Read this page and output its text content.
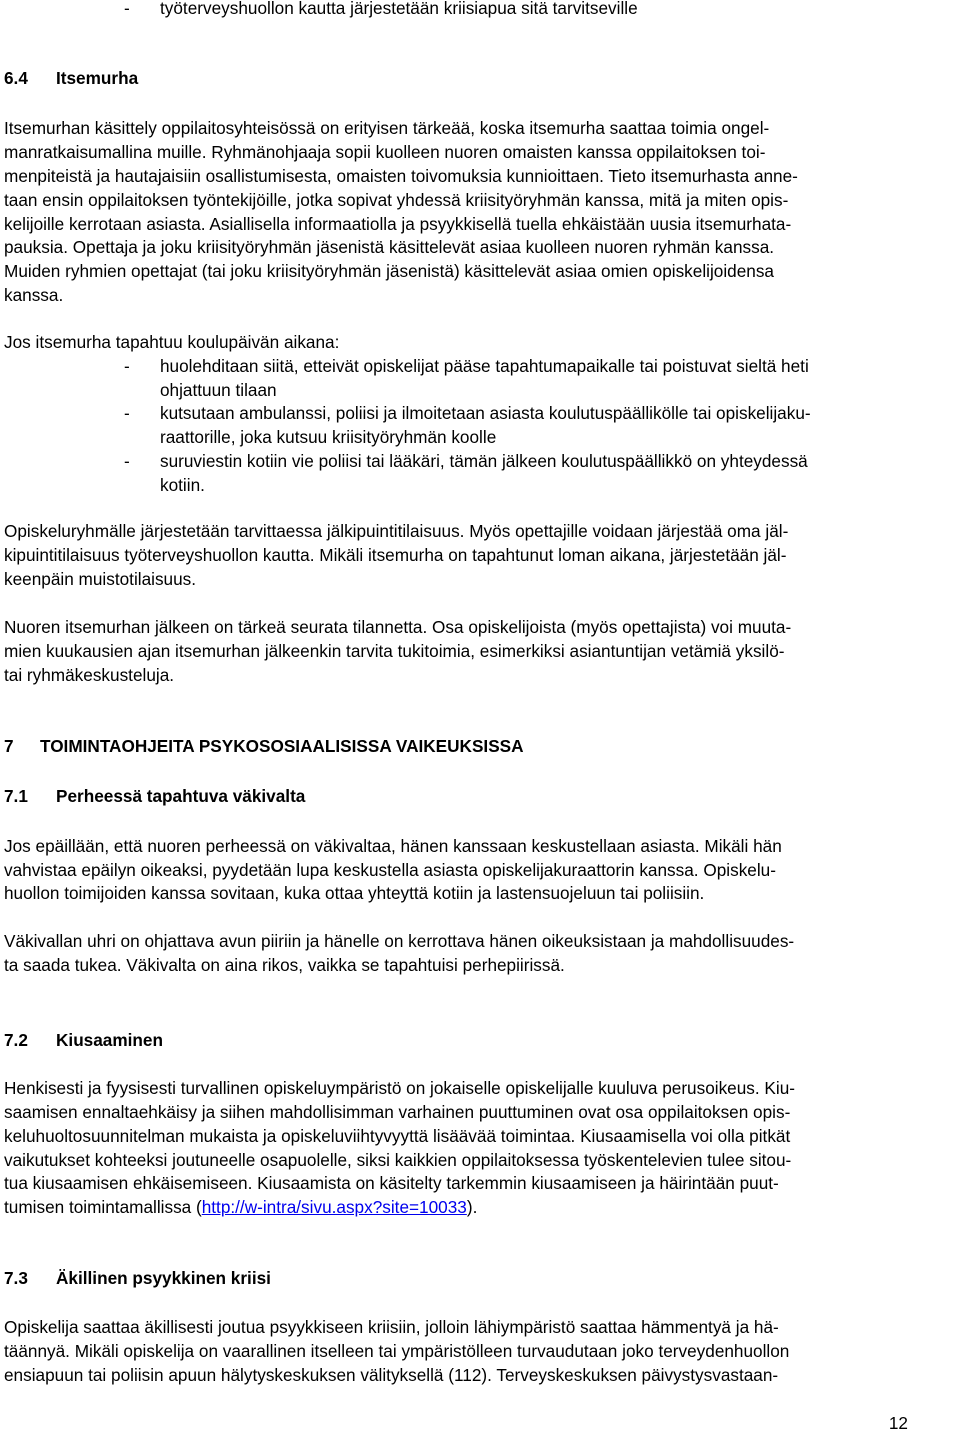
- työterveyshuollon kautta järjestetään kriisiapua sitä tarvitseville
6.4 Itsemurha
Itsemurhan käsittely oppilaitosyhteisössä on erityisen tärkeää, koska itsemurha saattaa toimia ongel-
manratkaisumallina muille. Ryhmänohjaaja sopii kuolleen nuoren omaisten kanssa oppilaitoksen toi-
menpiteistä ja hautajaisiin osallistumisesta, omaisten toivomuksia kunnioittaen. Tieto itsemurhasta anne-
taan ensin oppilaitoksen työntekijöille, jotka sopivat yhdessä kriisityöryhmän kanssa, mitä ja miten opis-
kelijoille kerrotaan asiasta. Asiallisella informaatiolla ja psyykkisellä tuella ehkäistään uusia itsemurhata-
pauksia. Opettaja ja joku kriisityöryhmän jäsenistä käsittelevät asiaa kuolleen nuoren ryhmän kanssa.
Muiden ryhmien opettajat (tai joku kriisityöryhmän jäsenistä) käsittelevät asiaa omien opiskelijoidensa
kanssa.
Jos itsemurha tapahtuu koulupäivän aikana:
- huolehditaan siitä, etteivät opiskelijat pääse tapahtumapaikalle tai poistuvat sieltä heti
ohjattuun tilaan
- kutsutaan ambulanssi, poliisi ja ilmoitetaan asiasta koulutuspäällikölle tai opiskelijaku-
raattorille, joka kutsuu kriisityöryhmän koolle
- suruviestin kotiin vie poliisi tai lääkäri, tämän jälkeen koulutuspäällikkö on yhteydessä
kotiin.
Opiskeluryhmälle järjestetään tarvittaessa jälkipuintitilaisuus. Myös opettajille voidaan järjestää oma jäl-
kipuintitilaisuus työterveyshuollon kautta. Mikäli itsemurha on tapahtunut loman aikana, järjestetään jäl-
keenpäin muistotilaisuus.
Nuoren itsemurhan jälkeen on tärkeä seurata tilannetta. Osa opiskelijoista (myös opettajista) voi muuta-
mien kuukausien ajan itsemurhan jälkeenkin tarvita tukitoimia, esimerkiksi asiantuntijan vetämiä yksilö-
tai ryhmäkeskusteluja.
7 TOIMINTAOHJEITA PSYKOSOSIAALISISSA VAIKEUKSISSA
7.1 Perheessä tapahtuva väkivalta
Jos epäillään, että nuoren perheessä on väkivaltaa, hänen kanssaan keskustellaan asiasta. Mikäli hän
vahvistaa epäilyn oikeaksi, pyydetään lupa keskustella asiasta opiskelijakuraattorin kanssa. Opiskelu-
huollon toimijoiden kanssa sovitaan, kuka ottaa yhteyttä kotiin ja lastensuojeluun tai poliisiin.
Väkivallan uhri on ohjattava avun piiriin ja hänelle on kerrottava hänen oikeuksistaan ja mahdollisuudes-
ta saada tukea. Väkivalta on aina rikos, vaikka se tapahtuisi perhepiirissä.
7.2 Kiusaaminen
Henkisesti ja fyysisesti turvallinen opiskeluympäristö on jokaiselle opiskelijalle kuuluva perusoikeus. Kiu-
saamisen ennaltaehkäisy ja siihen mahdollisimman varhainen puuttuminen ovat osa oppilaitoksen opis-
keluhuoltosuunnitelman mukaista ja opiskeluviihtyvyyttä lisäävää toimintaa. Kiusaamisella voi olla pitkät
vaikutukset kohteeksi joutuneelle osapuolelle, siksi kaikkien oppilaitoksessa työskentelevien tulee sitou-
tua kiusaamisen ehkäisemiseen. Kiusaamista on käsitelty tarkemmin kiusaamiseen ja häirintään puut-
tumisen toimintamallissa (http://w-intra/sivu.aspx?site=10033).
7.3 Äkillinen psyykkinen kriisi
Opiskelija saattaa äkillisesti joutua psyykkiseen kriisiin, jolloin lähiympäristö saattaa hämmentyä ja hä-
täännyä. Mikäli opiskelija on vaarallinen itselleen tai ympäristölleen turvaudutaan joko terveydenhuollon
ensiapuun tai poliisin apuun hälytyskeskuksen välityksellä (112). Terveyskeskuksen päivystysvastaan-
12
